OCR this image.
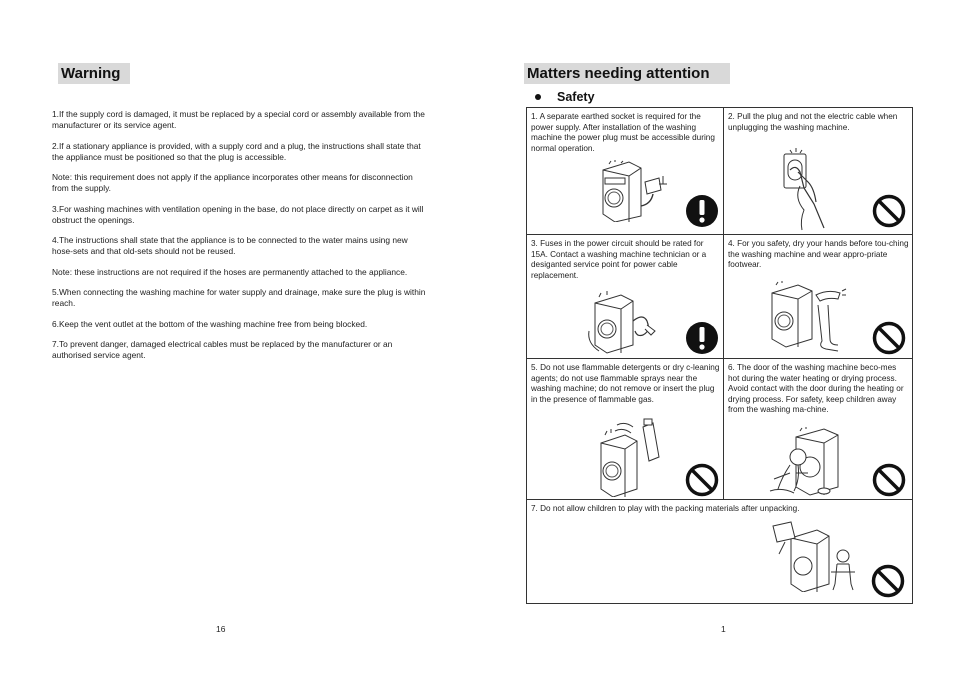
Warning

1.If the supply cord is damaged, it must be replaced by a special cord or assembly available from the manufacturer or its service agent.

2.If a stationary appliance is provided, with a supply cord and a plug, the instructions shall state that the appliance must be positioned so that the plug is accessible.

Note: this requirement does not apply if the appliance incorporates other means for disconnection from the supply.

3.For washing machines with ventilation opening in the base, do not place directly on carpet as it will obstruct the openings.

4.The instructions shall state that the appliance is to be connected to the water mains using new hose-sets and that old-sets should not be reused.

Note: these instructions are not required if the hoses are permanently attached to the appliance.

5.When connecting the washing machine for water supply and drainage, make sure the plug is within reach.

6.Keep the vent outlet at the bottom of the washing machine free from being blocked.

7.To prevent danger, damaged electrical cables must be replaced by the manufacturer or an authorised service agent.

16
Matters needing attention
Safety
1. A separate earthed socket is required for the power supply. After installation of the washing machine the power plug must be accessible during normal operation.
2. Pull the plug and not the electric cable when unplugging the washing machine.
3. Fuses in the power circuit should be rated for 15A. Contact a washing machine technician or a desiganted service point for power cable replacement.
4. For you safety, dry your hands before tou-ching the washing machine and wear appro-priate footwear.
5. Do not use flammable detergents or dry c-leaning agents; do not use flammable sprays near the washing machine; do not remove or insert the plug in the presence of flammable gas.
6. The door of the washing machine beco-mes hot during the water heating or drying process. Avoid contact with the door during the heating or drying process. For safety, keep children away from the washing ma-chine.
7. Do not allow children to play with the packing materials after unpacking.
1
